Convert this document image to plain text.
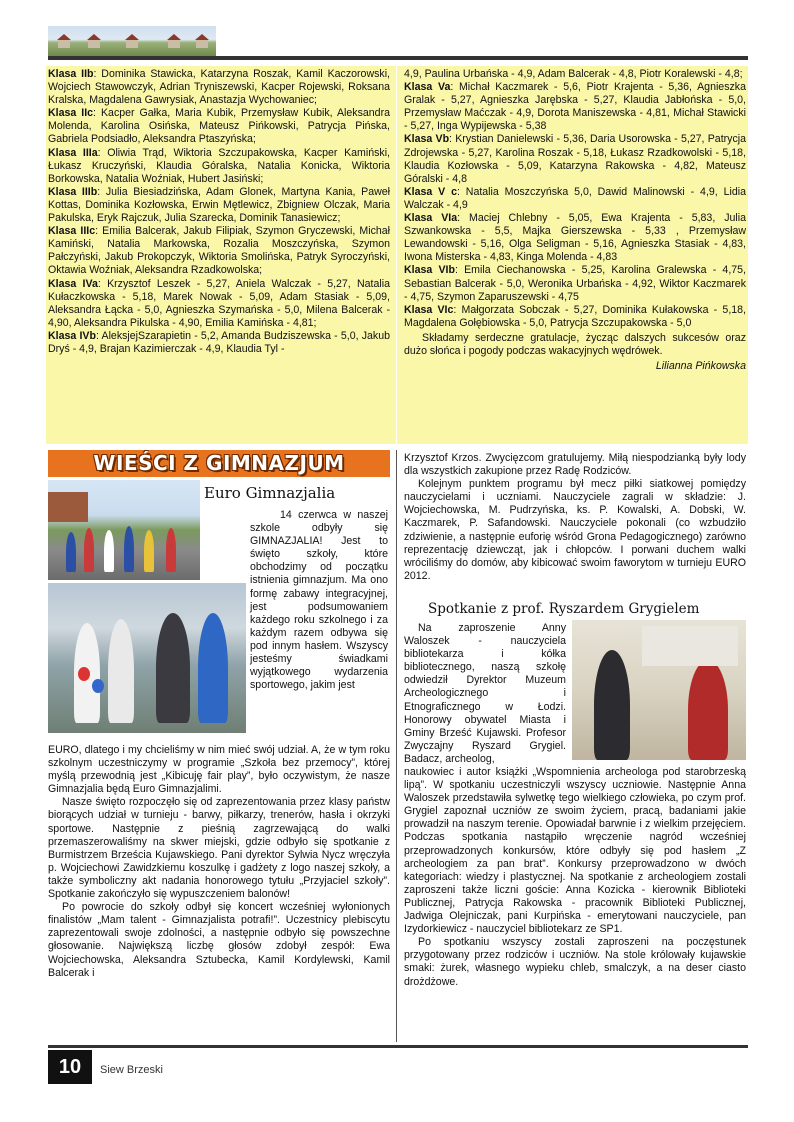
Klasa IIb: Dominika Stawicka, Katarzyna Roszak, Kamil Kaczorowski, Wojciech Stawowczyk, Adrian Tryniszewski, Kacper Rojewski, Roksana Kralska, Magdalena Gawrysiak, Anastazja Wychowaniec;

Klasa IIc: Kacper Gałka, Maria Kubik, Przemysław Kubik, Aleksandra Molenda, Karolina Osińska, Mateusz Pińkowski, Patrycja Pińska, Gabriela Podsiadło, Aleksandra Ptaszyńska;

Klasa IIIa: Oliwia Trąd, Wiktoria Szczupakowska, Kacper Kamiński, Łukasz Kruczyński, Klaudia Góralska, Natalia Konicka, Wiktoria Borkowska, Natalia Woźniak, Hubert Jasiński;

Klasa IIIb: Julia Biesiadzińska, Adam Glonek, Martyna Kania, Paweł Kottas, Dominika Kozłowska, Erwin Mętlewicz, Zbigniew Olczak, Maria Pakulska, Eryk Rajczuk, Julia Szarecka, Dominik Tanasiewicz;

Klasa IIIc: Emilia Balcerak, Jakub Filipiak, Szymon Gryczewski, Michał Kamiński, Natalia Markowska, Rozalia Moszczyńska, Szymon Pałczyński, Jakub Prokopczyk, Wiktoria Smolińska, Patryk Syroczyński, Oktawia Woźniak, Aleksandra Rzadkowolska;

Klasa IVa: Krzysztof Leszek - 5,27, Aniela Walczak - 5,27, Natalia Kułaczkowska - 5,18, Marek Nowak - 5,09, Adam Stasiak - 5,09, Aleksandra Łącka - 5,0, Agnieszka Szymańska - 5,0, Milena Balcerak - 4,90, Aleksandra Pikulska - 4,90, Emilia Kamińska - 4,81;

Klasa IVb: AleksjejSzarapietin - 5,2, Amanda Budziszewska - 5,0, Jakub Dryś - 4,9, Brajan Kazimierczak - 4,9, Klaudia Tyl -

4,9, Paulina Urbańska - 4,9, Adam Balcerak - 4,8, Piotr Koralewski - 4,8;

Klasa Va: Michał Kaczmarek - 5,6, Piotr Krajenta - 5,36, Agnieszka Gralak - 5,27, Agnieszka Jarębska - 5,27, Klaudia Jabłońska - 5,0, Przemysław Maćczak - 4,9, Dorota Maniszewska - 4,81, Michał Stawicki - 5,27, Inga Wypijewska - 5,38

Klasa Vb: Krystian Danielewski - 5,36, Daria Usorowska - 5,27, Patrycja Zdrojewska - 5,27, Karolina Roszak - 5,18, Łukasz Rzadkowolski - 5,18, Klaudia Kozłowska - 5,09, Katarzyna Rakowska - 4,82, Mateusz Góralski - 4,8

Klasa V c: Natalia Moszczyńska 5,0, Dawid Malinowski - 4,9, Lidia Walczak - 4,9

Klasa VIa: Maciej Chlebny - 5,05, Ewa Krajenta - 5,83, Julia Szwankowska - 5,5, Majka Gierszewska - 5,33 , Przemysław Lewandowski - 5,16, Olga Seligman - 5,16, Agnieszka Stasiak - 4,83, Iwona Misterska - 4,83, Kinga Molenda - 4,83

Klasa VIb: Emila Ciechanowska - 5,25, Karolina Gralewska - 4,75, Sebastian Balcerak - 5,0, Weronika Urbańska - 4,92, Wiktor Kaczmarek - 4,75, Szymon Zaparuszewski - 4,75

Klasa VIc: Małgorzata Sobczak - 5,27, Dominika Kułakowska - 5,18, Magdalena Gołębiowska - 5,0, Patrycja Szczupakowska - 5,0

Składamy serdeczne gratulacje, życząc dalszych sukcesów oraz dużo słońca i pogody podczas wakacyjnych wędrówek.

Lilianna Pińkowska

WIEŚCI Z GIMNAZJUM
Euro Gimnazjalia

14 czerwca w naszej szkole odbyły się GIMNAZJALIA! Jest to święto szkoły, które obchodzimy od początku istnienia gimnazjum. Ma ono formę zabawy integracyjnej, jest podsumowaniem każdego roku szkolnego i za każdym razem odbywa się pod innym hasłem. Wszyscy jesteśmy świadkami wyjątkowego wydarzenia sportowego, jakim jest

EURO, dlatego i my chcieliśmy w nim mieć swój udział. A, że w tym roku szkolnym uczestniczymy w programie „Szkoła bez przemocy”, której myślą przewodnią jest „Kibicuję fair play”, było oczywistym, że nasze Gimnazjalia będą Euro Gimnazjalimi.

Nasze święto rozpoczęło się od zaprezentowania przez klasy państw biorących udział w turnieju - barwy, piłkarzy, trenerów, hasła i okrzyki sportowe. Następnie z pieśnią zagrzewającą do walki przemaszerowaliśmy na skwer miejski, gdzie odbyło się spotkanie z Burmistrzem Brześcia Kujawskiego. Pani dyrektor Sylwia Nycz wręczyła p. Wojciechowi Zawidzkiemu koszulkę i gadżety z logo naszej szkoły, a także symboliczny akt nadania honorowego tytułu „Przyjaciel szkoły”. Spotkanie zakończyło się wypuszczeniem balonów!

Po powrocie do szkoły odbył się koncert wcześniej wyłonionych finalistów „Mam talent - Gimnazjalista potrafi!”. Uczestnicy plebiscytu zaprezentowali swoje zdolności, a następnie odbyło się powszechne głosowanie. Największą liczbę głosów zdobył zespół: Ewa Wojciechowska, Aleksandra Sztubecka, Kamil Kordylewski, Kamil Balcerak i

Krzysztof Krzos. Zwycięzcom gratulujemy. Miłą niespodzianką były lody dla wszystkich zakupione przez Radę Rodziców.

Kolejnym punktem programu był mecz piłki siatkowej pomiędzy nauczycielami i uczniami. Nauczyciele zagrali w składzie: J. Wojciechowska, M. Pudrzyńska, ks. P. Kowalski, A. Dobski, W. Kaczmarek, P. Safandowski. Nauczyciele pokonali (co wzbudziło zdziwienie, a następnie euforię wśród Grona Pedagogicznego) zarówno reprezentację dziewcząt, jak i chłopców. I porwani duchem walki wróciliśmy do domów, aby kibicować swoim faworytom w turnieju EURO 2012.

Spotkanie z prof. Ryszardem Grygielem

Na zaproszenie Anny Waloszek - nauczyciela bibliotekarza i kółka bibliotecznego, naszą szkołę odwiedził Dyrektor Muzeum Archeologicznego i Etnograficznego w Łodzi. Honorowy obywatel Miasta i Gminy Brześć Kujawski. Profesor Zwyczajny Ryszard Grygiel. Badacz, archeolog,

naukowiec i autor książki „Wspomnienia archeologa pod starobrzeską lipą”. W spotkaniu uczestniczyli wszyscy uczniowie. Następnie Anna Waloszek przedstawiła sylwetkę tego wielkiego człowieka, po czym prof. Grygiel zapoznał uczniów ze swoim życiem, pracą, badaniami jakie prowadził na naszym terenie. Opowiadał barwnie i z wielkim przejęciem. Podczas spotkania nastąpiło wręczenie nagród wcześniej przeprowadzonych konkursów, które odbyły się pod hasłem „Z archeologiem za pan brat”. Konkursy przeprowadzono w dwóch kategoriach: wiedzy i plastycznej. Na spotkanie z archeologiem zostali zaproszeni także liczni goście: Anna Kozicka - kierownik Biblioteki Publicznej, Patrycja Rakowska - pracownik Biblioteki Publicznej, Jadwiga Olejniczak, pani Kurpińska - emerytowani nauczyciele, pan Izydorkiewicz - nauczyciel bibliotekarz ze SP1.

Po spotkaniu wszyscy zostali zaproszeni na poczęstunek przygotowany przez rodziców i uczniów. Na stole królowały kujawskie smaki: żurek, własnego wypieku chleb, smalczyk, a na deser ciasto drożdżowe.

10	Siew Brzeski
